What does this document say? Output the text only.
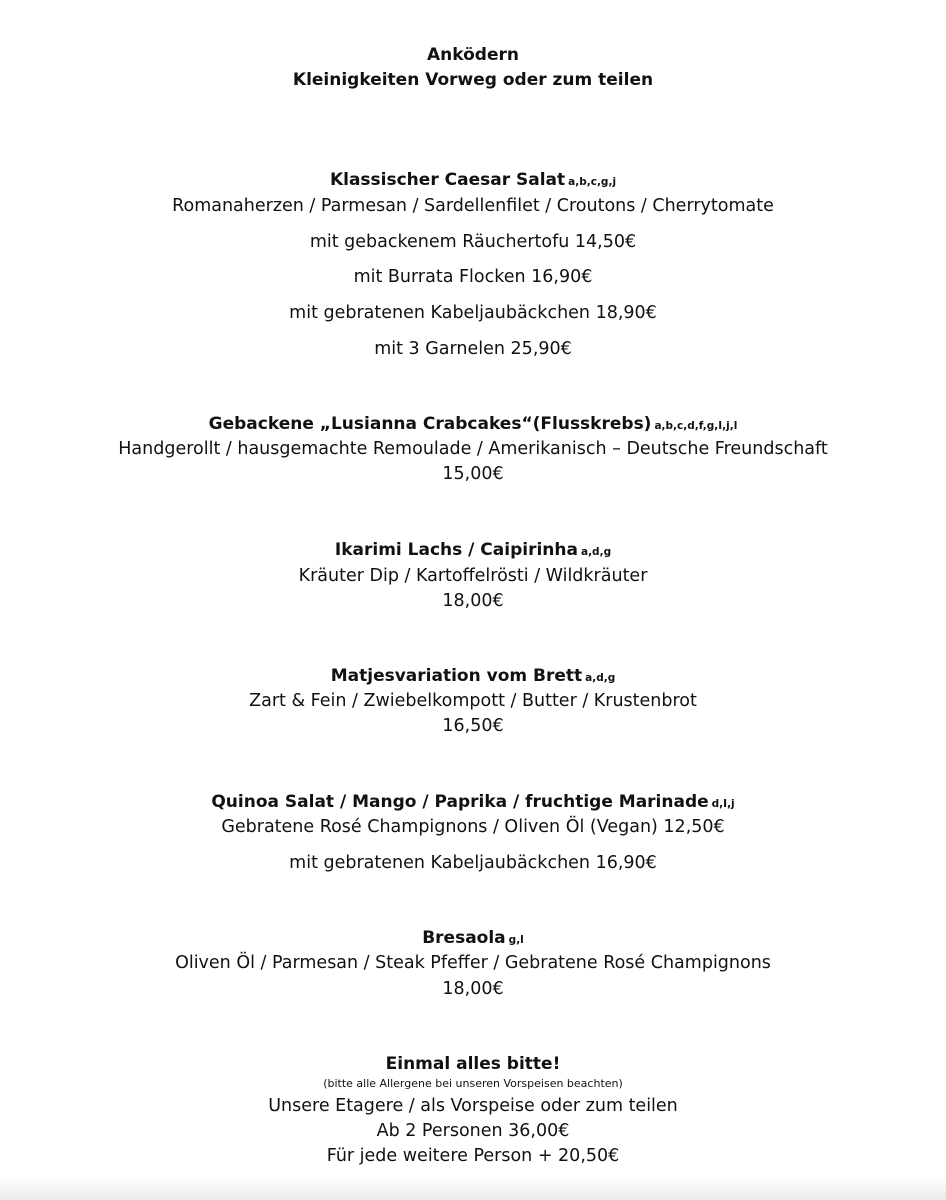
Anködern
Kleinigkeiten Vorweg oder zum teilen
Klassischer Caesar Salat a,b,c,g,j
Romanaherzen / Parmesan / Sardellenfilet / Croutons / Cherrytomate
mit gebackenem Räuchertofu 14,50€
mit Burrata Flocken 16,90€
mit gebratenen Kabeljaubäckchen 18,90€
mit 3 Garnelen 25,90€
Gebackene „Lusianna Crabcakes“(Flusskrebs) a,b,c,d,f,g,I,j,l
Handgerollt / hausgemachte Remoulade / Amerikanisch – Deutsche Freundschaft
15,00€
Ikarimi Lachs / Caipirinha a,d,g
Kräuter Dip / Kartoffelrösti / Wildkräuter
18,00€
Matjesvariation vom Brett a,d,g
Zart & Fein / Zwiebelkompott / Butter / Krustenbrot
16,50€
Quinoa Salat / Mango / Paprika / fruchtige Marinade d,I,j
Gebratene Rosé Champignons / Oliven Öl (Vegan) 12,50€
mit gebratenen Kabeljaubäckchen 16,90€
Bresaola g,l
Oliven Öl / Parmesan / Steak Pfeffer / Gebratene Rosé Champignons
18,00€
Einmal alles bitte!
(bitte alle Allergene bei unseren Vorspeisen beachten)
Unsere Etagere / als Vorspeise oder zum teilen
Ab 2 Personen 36,00€
Für jede weitere Person + 20,50€
